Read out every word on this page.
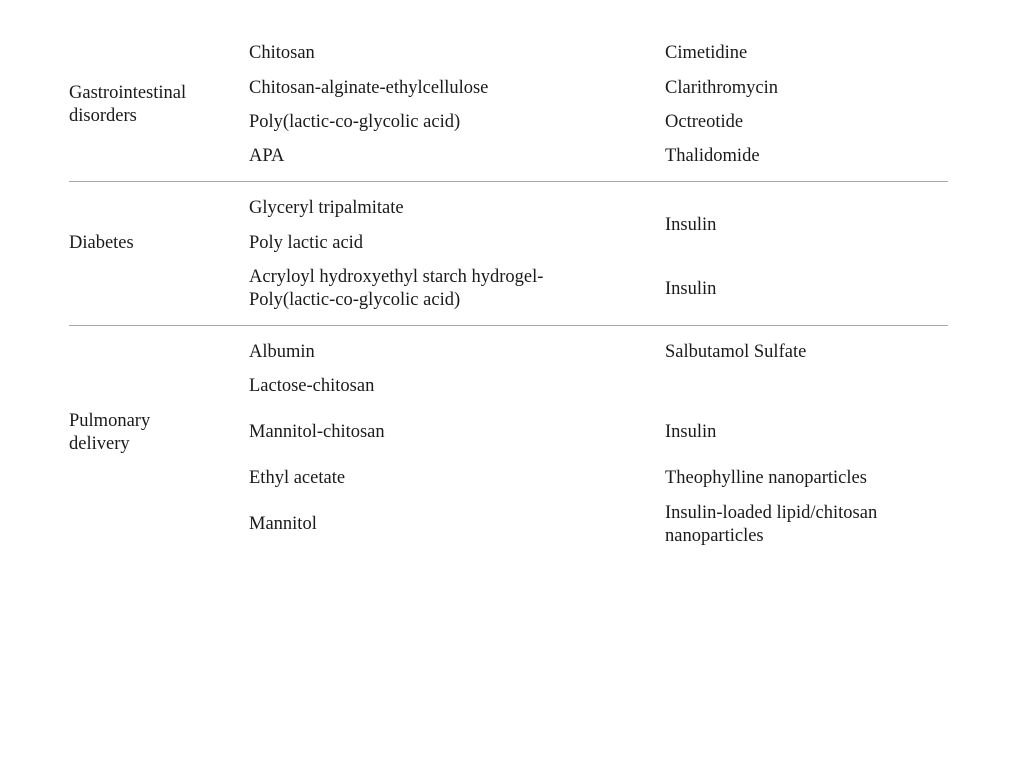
Gastrointestinal
disorders
Chitosan
Chitosan-alginate-ethylcellulose
Poly(lactic-co-glycolic acid)
APA
Cimetidine
Clarithromycin
Octreotide
Thalidomide
Diabetes
Glyceryl tripalmitate
Poly lactic acid
Acryloyl hydroxyethyl starch hydrogel-
Poly(lactic-co-glycolic acid)
Insulin
Insulin
Pulmonary
delivery
Albumin
Lactose-chitosan
Mannitol-chitosan
Ethyl acetate
Mannitol
Salbutamol Sulfate
Insulin
Theophylline nanoparticles
Insulin-loaded lipid/chitosan
nanoparticles
